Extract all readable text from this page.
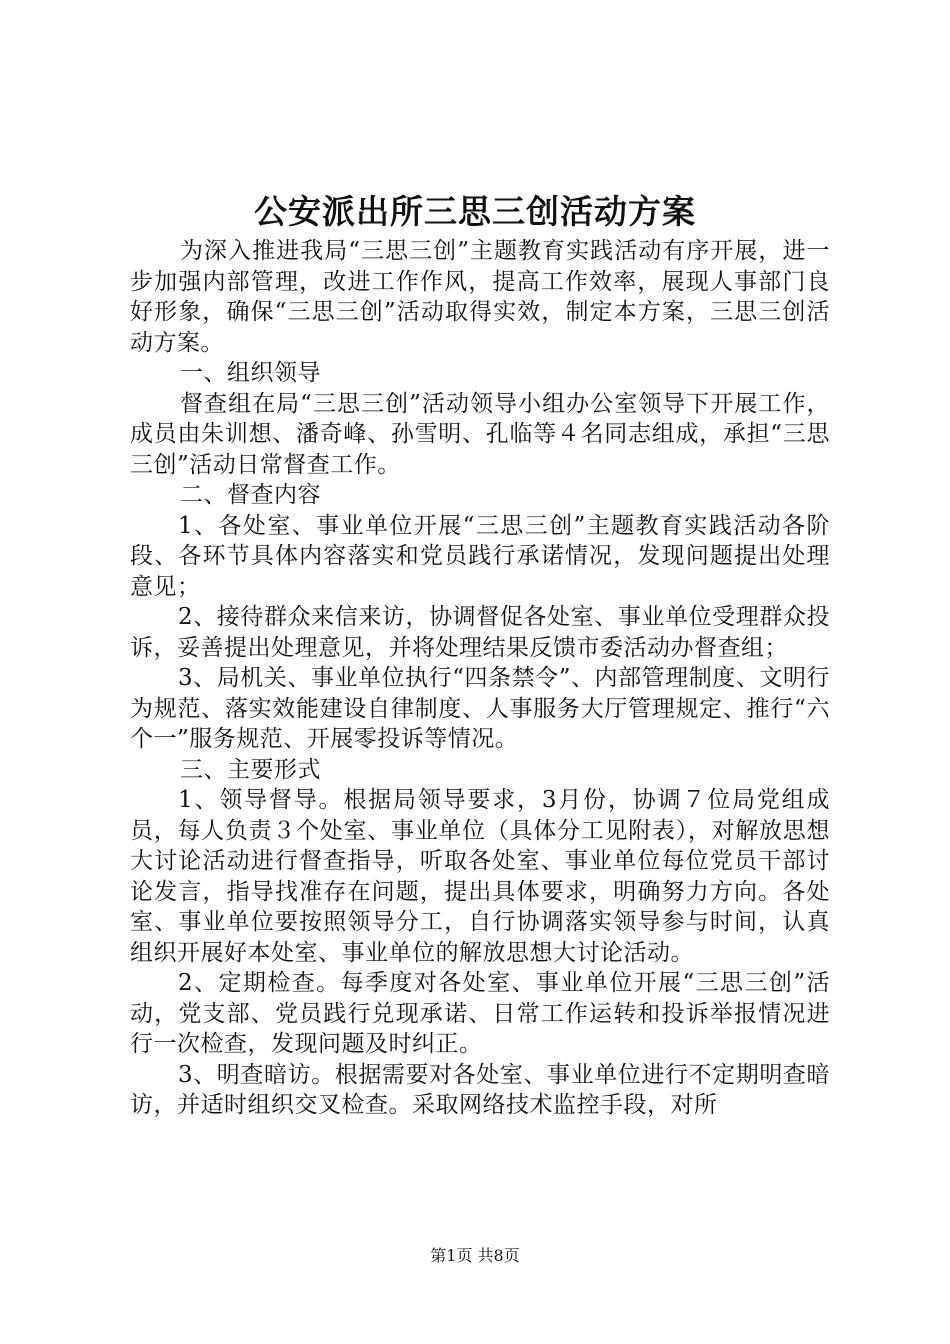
公安派出所三思三创活动方案

为深入推进我局“三思三创”主题教育实践活动有序开展，进一步加强内部管理，改进工作作风，提高工作效率，展现人事部门良好形象，确保“三思三创”活动取得实效，制定本方案，三思三创活动方案。

一、组织领导

督查组在局“三思三创”活动领导小组办公室领导下开展工作，成员由朱训想、潘奇峰、孙雪明、孔临等４名同志组成，承担“三思三创”活动日常督查工作。

二、督查内容

1、各处室、事业单位开展“三思三创”主题教育实践活动各阶段、各环节具体内容落实和党员践行承诺情况，发现问题提出处理意见；

2、接待群众来信来访，协调督促各处室、事业单位受理群众投诉，妥善提出处理意见，并将处理结果反馈市委活动办督查组；

3、局机关、事业单位执行“四条禁令”、内部管理制度、文明行为规范、落实效能建设自律制度、人事服务大厅管理规定、推行“六个一”服务规范、开展零投诉等情况。

三、主要形式

1、领导督导。根据局领导要求，3月份，协调７位局党组成员，每人负责３个处室、事业单位（具体分工见附表），对解放思想大讨论活动进行督查指导，听取各处室、事业单位每位党员干部讨论发言，指导找准存在问题，提出具体要求，明确努力方向。各处室、事业单位要按照领导分工，自行协调落实领导参与时间，认真组织开展好本处室、事业单位的解放思想大讨论活动。

2、定期检查。每季度对各处室、事业单位开展“三思三创”活动，党支部、党员践行兑现承诺、日常工作运转和投诉举报情况进行一次检查，发现问题及时纠正。

3、明查暗访。根据需要对各处室、事业单位进行不定期明查暗访，并适时组织交叉检查。采取网络技术监控手段，对所

第1页 共8页
